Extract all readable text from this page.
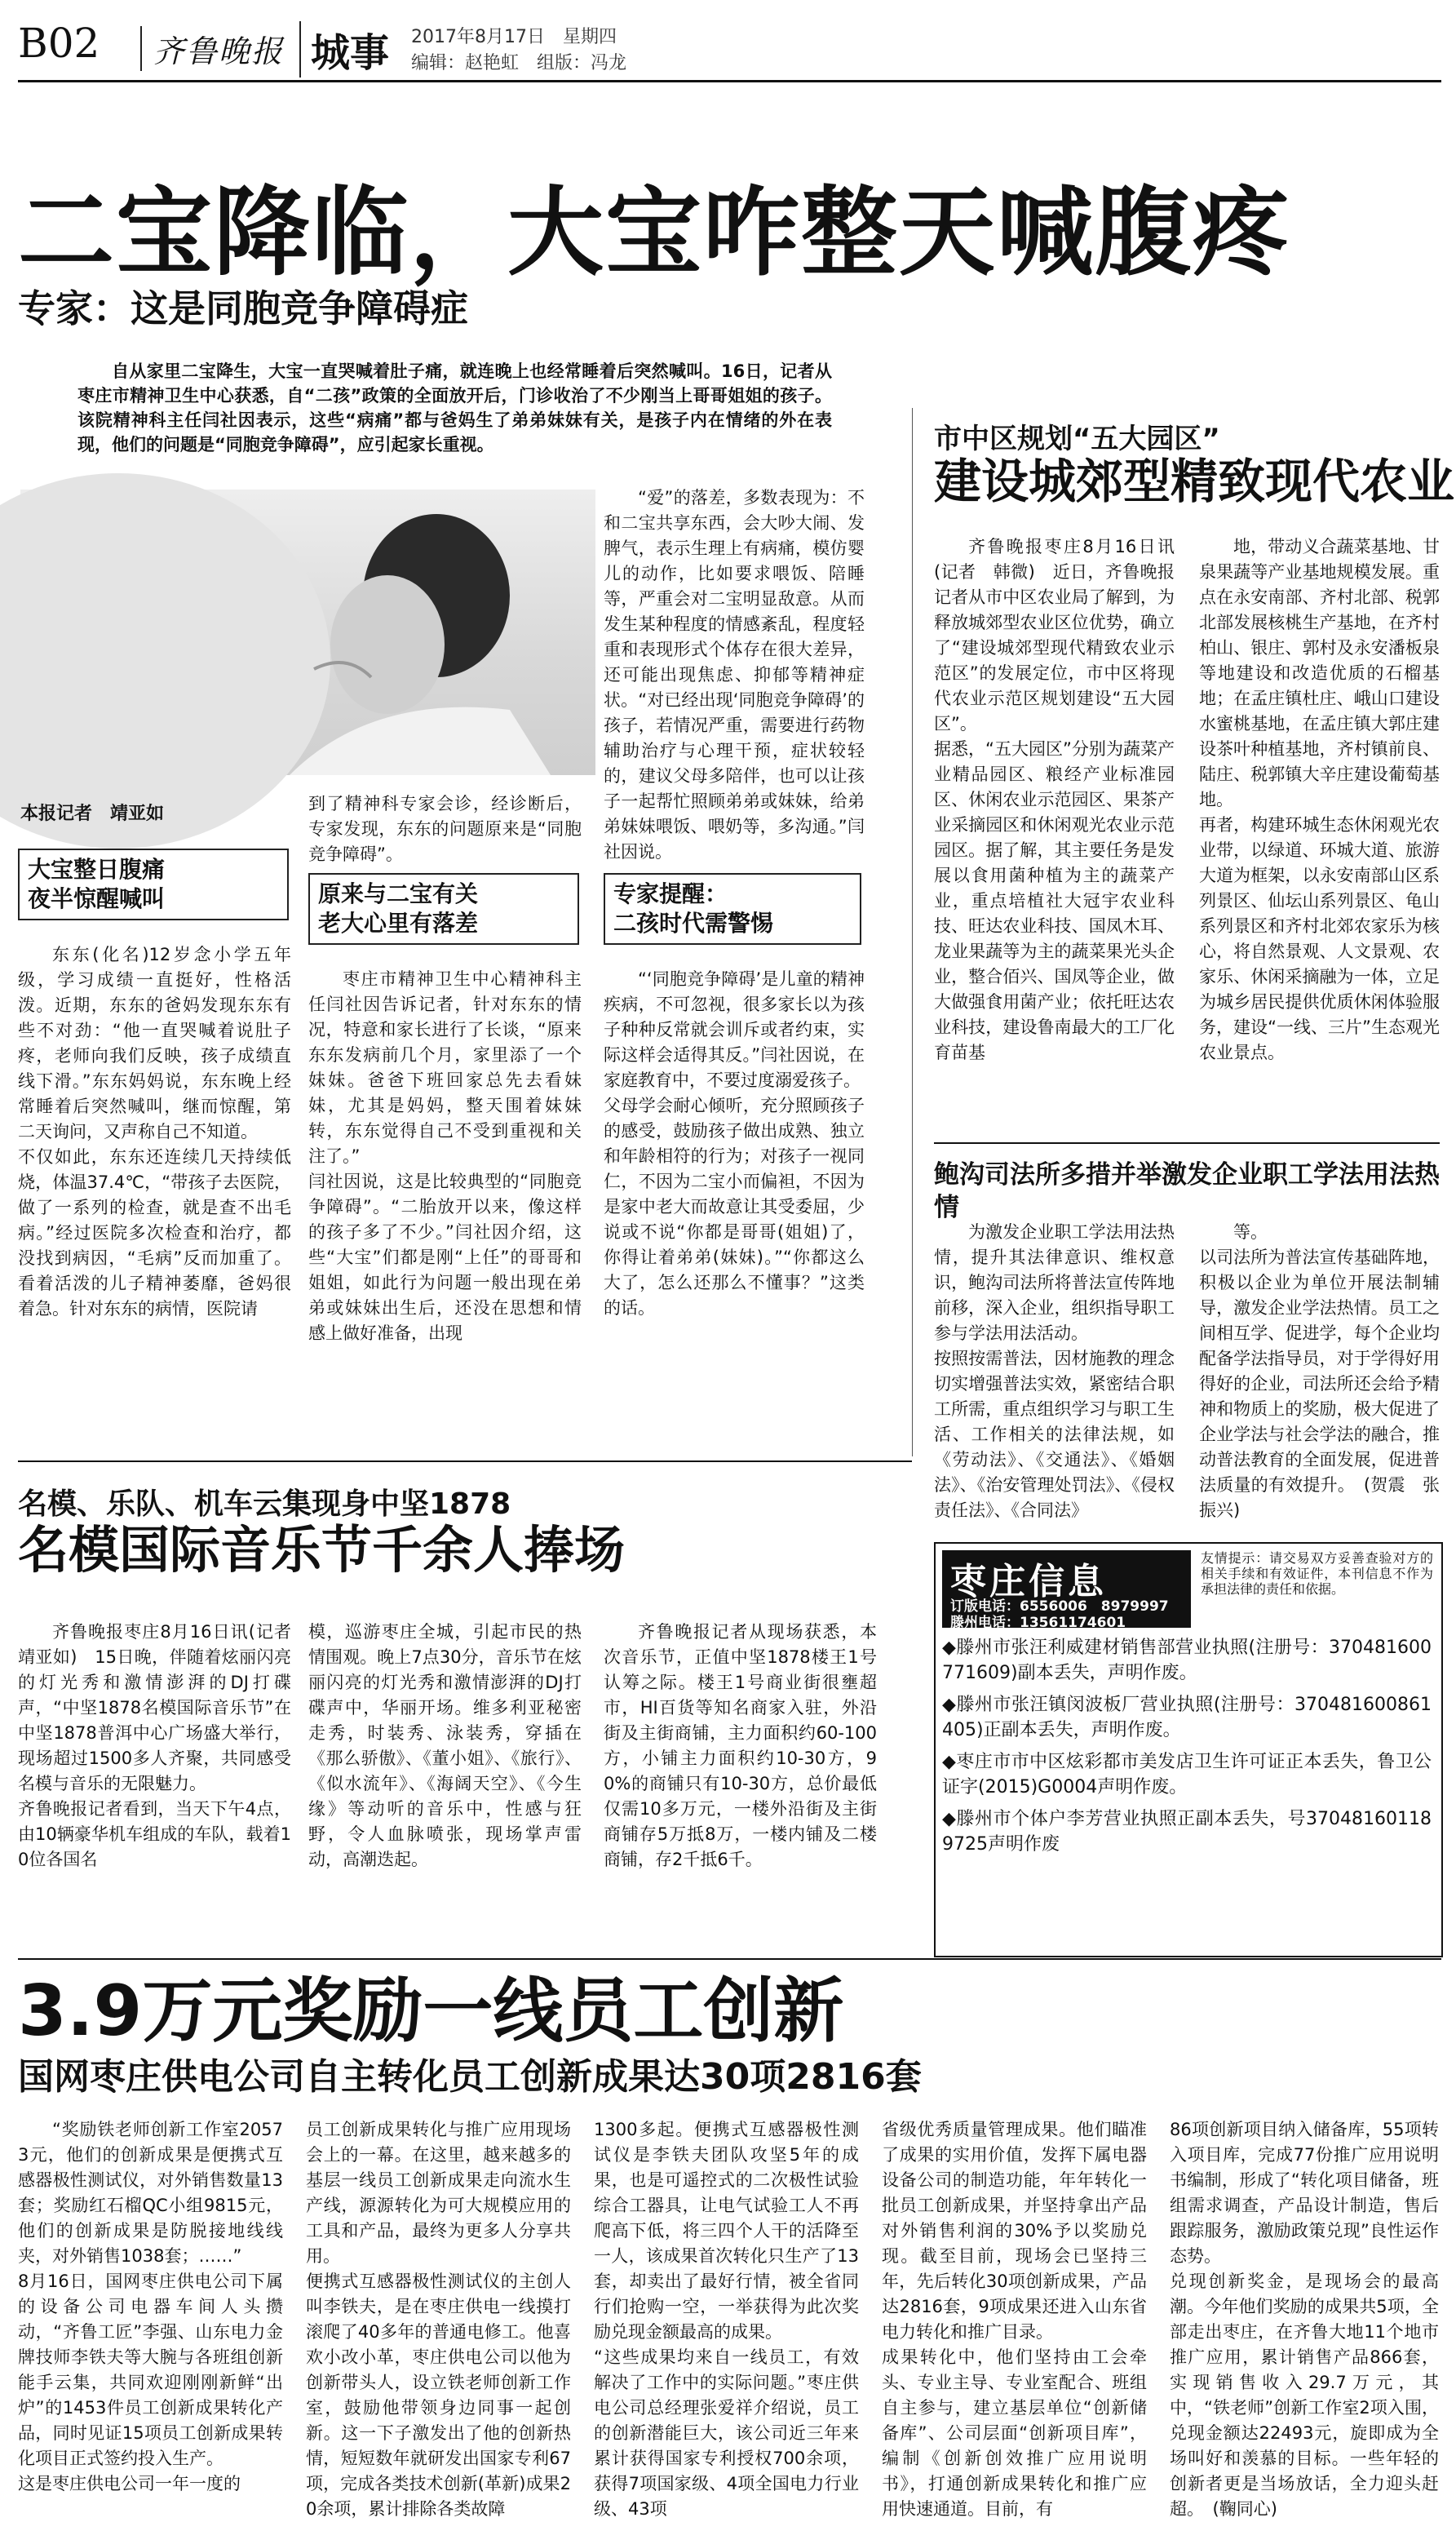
B02	齐鲁晚报 城事 2017年8月17日　星期四
编辑：赵艳虹　组版：冯龙
二宝降临，大宝咋整天喊腹疼
专家：这是同胞竞争障碍症
自从家里二宝降生，大宝一直哭喊着肚子痛，就连晚上也经常睡着后突然喊叫。16日，记者从枣庄市精神卫生中心获悉，自“二孩”政策的全面放开后，门诊收治了不少刚当上哥哥姐姐的孩子。该院精神科主任闫社因表示，这些“病痛”都与爸妈生了弟弟妹妹有关，是孩子内在情绪的外在表现，他们的问题是“同胞竞争障碍”，应引起家长重视。
本报记者　靖亚如
大宝整日腹痛
夜半惊醒喊叫
东东(化名)12岁念小学五年级，学习成绩一直挺好，性格活泼。近期，东东的爸妈发现东东有些不对劲：“他一直哭喊着说肚子疼，老师向我们反映，孩子成绩直线下滑。”东东妈妈说，东东晚上经常睡着后突然喊叫，继而惊醒，第二天询问，又声称自己不知道。
不仅如此，东东还连续几天持续低烧，体温37.4℃，“带孩子去医院，做了一系列的检查，就是查不出毛病。”经过医院多次检查和治疗，都没找到病因，“毛病”反而加重了。看着活泼的儿子精神萎靡，爸妈很着急。针对东东的病情，医院请
到了精神科专家会诊，经诊断后，专家发现，东东的问题原来是“同胞竞争障碍”。
原来与二宝有关
老大心里有落差
枣庄市精神卫生中心精神科主任闫社因告诉记者，针对东东的情况，特意和家长进行了长谈，“原来东东发病前几个月，家里添了一个妹妹。爸爸下班回家总先去看妹妹，尤其是妈妈，整天围着妹妹转，东东觉得自己不受到重视和关注了。”
闫社因说，这是比较典型的“同胞竞争障碍”。“二胎放开以来，像这样的孩子多了不少。”闫社因介绍，这些“大宝”们都是刚“上任”的哥哥和姐姐，如此行为问题一般出现在弟弟或妹妹出生后，还没在思想和情感上做好准备，出现
“爱”的落差，多数表现为：不和二宝共享东西，会大吵大闹、发脾气，表示生理上有病痛，模仿婴儿的动作，比如要求喂饭、陪睡等，严重会对二宝明显敌意。从而发生某种程度的情感紊乱，程度轻重和表现形式个体存在很大差异，还可能出现焦虑、抑郁等精神症状。“对已经出现‘同胞竞争障碍’的孩子，若情况严重，需要进行药物辅助治疗与心理干预，症状较轻的，建议父母多陪伴，也可以让孩子一起帮忙照顾弟弟或妹妹，给弟弟妹妹喂饭、喂奶等，多沟通。”闫社因说。
专家提醒：
二孩时代需警惕
“‘同胞竞争障碍’是儿童的精神疾病，不可忽视，很多家长以为孩子种种反常就会训斥或者约束，实际这样会适得其反。”闫社因说，在家庭教育中，不要过度溺爱孩子。
父母学会耐心倾听，充分照顾孩子的感受，鼓励孩子做出成熟、独立和年龄相符的行为；对孩子一视同仁，不因为二宝小而偏袒，不因为是家中老大而故意让其受委屈，少说或不说“你都是哥哥(姐姐)了，你得让着弟弟(妹妹)。”“你都这么大了，怎么还那么不懂事？”这类的话。
市中区规划“五大园区”
建设城郊型精致现代农业
齐鲁晚报枣庄8月16日讯(记者　韩微)　近日，齐鲁晚报记者从市中区农业局了解到，为释放城郊型农业区位优势，确立了“建设城郊型现代精致农业示范区”的发展定位，市中区将现代农业示范区规划建设“五大园区”。
据悉，“五大园区”分别为蔬菜产业精品园区、粮经产业标准园区、休闲农业示范园区、果茶产业采摘园区和休闲观光农业示范园区。据了解，其主要任务是发展以食用菌种植为主的蔬菜产业，重点培植社大冠宇农业科技、旺达农业科技、国凤木耳、龙业果蔬等为主的蔬菜果光头企业，整合佰兴、国凤等企业，做大做强食用菌产业；依托旺达农业科技，建设鲁南最大的工厂化育苗基
地，带动义合蔬菜基地、甘泉果蔬等产业基地规模发展。重点在永安南部、齐村北部、税郭北部发展核桃生产基地，在齐村柏山、银庄、郭村及永安潘板泉等地建设和改造优质的石榴基地；在孟庄镇杜庄、峨山口建设水蜜桃基地，在孟庄镇大郭庄建设茶叶种植基地，齐村镇前良、陆庄、税郭镇大辛庄建设葡萄基地。
再者，构建环城生态休闲观光农业带，以绿道、环城大道、旅游大道为框架，以永安南部山区系列景区、仙坛山系列景区、龟山系列景区和齐村北郊农家乐为核心，将自然景观、人文景观、农家乐、休闲采摘融为一体，立足为城乡居民提供优质休闲体验服务，建设“一线、三片”生态观光农业景点。
鲍沟司法所多措并举激发企业职工学法用法热情
为激发企业职工学法用法热情，提升其法律意识、维权意识，鲍沟司法所将普法宣传阵地前移，深入企业，组织指导职工参与学法用法活动。
按照按需普法，因材施教的理念切实增强普法实效，紧密结合职工所需，重点组织学习与职工生活、工作相关的法律法规，如《劳动法》、《交通法》、《婚姻法》、《治安管理处罚法》、《侵权责任法》、《合同法》
等。
以司法所为普法宣传基础阵地，积极以企业为单位开展法制辅导，激发企业学法热情。员工之间相互学、促进学，每个企业均配备学法指导员，对于学得好用得好的企业，司法所还会给予精神和物质上的奖励，极大促进了企业学法与社会学法的融合，推动普法教育的全面发展，促进普法质量的有效提升。　(贺震　张振兴)
名模、乐队、机车云集现身中坚1878
名模国际音乐节千余人捧场
齐鲁晚报枣庄8月16日讯(记者　靖亚如)　15日晚，伴随着炫丽闪亮的灯光秀和激情澎湃的DJ打碟声，“中坚1878名模国际音乐节”在中坚1878普洱中心广场盛大举行，现场超过1500多人齐聚，共同感受名模与音乐的无限魅力。
齐鲁晚报记者看到，当天下午4点，由10辆豪华机车组成的车队，载着10位各国名
模，巡游枣庄全城，引起市民的热情围观。晚上7点30分，音乐节在炫丽闪亮的灯光秀和激情澎湃的DJ打碟声中，华丽开场。维多利亚秘密走秀，时装秀、泳装秀，穿插在《那么骄傲》、《董小姐》、《旅行》、《似水流年》、《海阔天空》、《今生缘》等动听的音乐中，性感与狂野，令人血脉喷张，现场掌声雷动，高潮迭起。
齐鲁晚报记者从现场获悉，本次音乐节，正值中坚1878楼王1号认筹之际。楼王1号商业街很壅超市，HI百货等知名商家入驻，外沿街及主街商铺，主力面积约60-100方，小铺主力面积约10-30方，90%的商铺只有10-30方，总价最低仅需10多万元，一楼外沿街及主街商铺存5万抵8万，一楼内铺及二楼商铺，存2千抵6千。
枣庄信息
订版电话：6556006　8979997
滕州电话：13561174601
友情提示：请交易双方妥善查验对方的相关手续和有效证件，本刊信息不作为承担法律的责任和依据。
◆滕州市张汪利威建材销售部营业执照(注册号：370481600771609)副本丢失，声明作废。
◆滕州市张汪镇闵波板厂营业执照(注册号：370481600861405)正副本丢失，声明作废。
◆枣庄市市中区炫彩都市美发店卫生许可证正本丢失，鲁卫公证字(2015)G0004声明作废。
◆滕州市个体户李芳营业执照正副本丢失，号370481601189725声明作废
3.9万元奖励一线员工创新
国网枣庄供电公司自主转化员工创新成果达30项2816套
“奖励铁老师创新工作室20573元，他们的创新成果是便携式互感器极性测试仪，对外销售数量13套；奖励红石榴QC小组9815元，他们的创新成果是防脱接地线线夹，对外销售1038套；……”
8月16日，国网枣庄供电公司下属的设备公司电器车间人头攒动，“齐鲁工匠”李强、山东电力金牌技师李铁夫等大腕与各班组创新能手云集，共同欢迎刚刚新鲜“出炉”的1453件员工创新成果转化产品，同时见证15项员工创新成果转化项目正式签约投入生产。
这是枣庄供电公司一年一度的
员工创新成果转化与推广应用现场会上的一幕。在这里，越来越多的基层一线员工创新成果走向流水生产线，源源转化为可大规模应用的工具和产品，最终为更多人分享共用。
便携式互感器极性测试仪的主创人叫李铁夫，是在枣庄供电一线摸打滚爬了40多年的普通电修工。他喜欢小改小革，枣庄供电公司以他为创新带头人，设立铁老师创新工作室，鼓励他带领身边同事一起创新。这一下子激发出了他的创新热情，短短数年就研发出国家专利67项，完成各类技术创新(革新)成果20余项，累计排除各类故障
1300多起。便携式互感器极性测试仪是李铁夫团队攻坚5年的成果，也是可遥控式的二次极性试验综合工器具，让电气试验工人不再爬高下低，将三四个人干的活降至一人，该成果首次转化只生产了13套，却卖出了最好行情，被全省同行们抢购一空，一举获得为此次奖励兑现金额最高的成果。
“这些成果均来自一线员工，有效解决了工作中的实际问题。”枣庄供电公司总经理张爱祥介绍说，员工的创新潜能巨大，该公司近三年来累计获得国家专利授权700余项，获得7项国家级、4项全国电力行业级、43项
省级优秀质量管理成果。他们瞄准了成果的实用价值，发挥下属电器设备公司的制造功能，年年转化一批员工创新成果，并坚持拿出产品对外销售利润的30%予以奖励兑现。截至目前，现场会已坚持三年，先后转化30项创新成果，产品达2816套，9项成果还进入山东省电力转化和推广目录。
成果转化中，他们坚持由工会牵头、专业主导、专业室配合、班组自主参与，建立基层单位“创新储备库”、公司层面“创新项目库”，编制《创新创效推广应用说明书》，打通创新成果转化和推广应用快速通道。目前，有
86项创新项目纳入储备库，55项转入项目库，完成77份推广应用说明书编制，形成了“转化项目储备，班组需求调查，产品设计制造，售后跟踪服务，激励政策兑现”良性运作态势。
兑现创新奖金，是现场会的最高潮。今年他们奖励的成果共5项，全部走出枣庄，在齐鲁大地11个地市推广应用，累计销售产品866套，实现销售收入29.7万元，其中，“铁老师”创新工作室2项入围，兑现金额达22493元，旋即成为全场叫好和羡慕的目标。一些年轻的创新者更是当场放话，全力迎头赶超。　(鞠同心)
